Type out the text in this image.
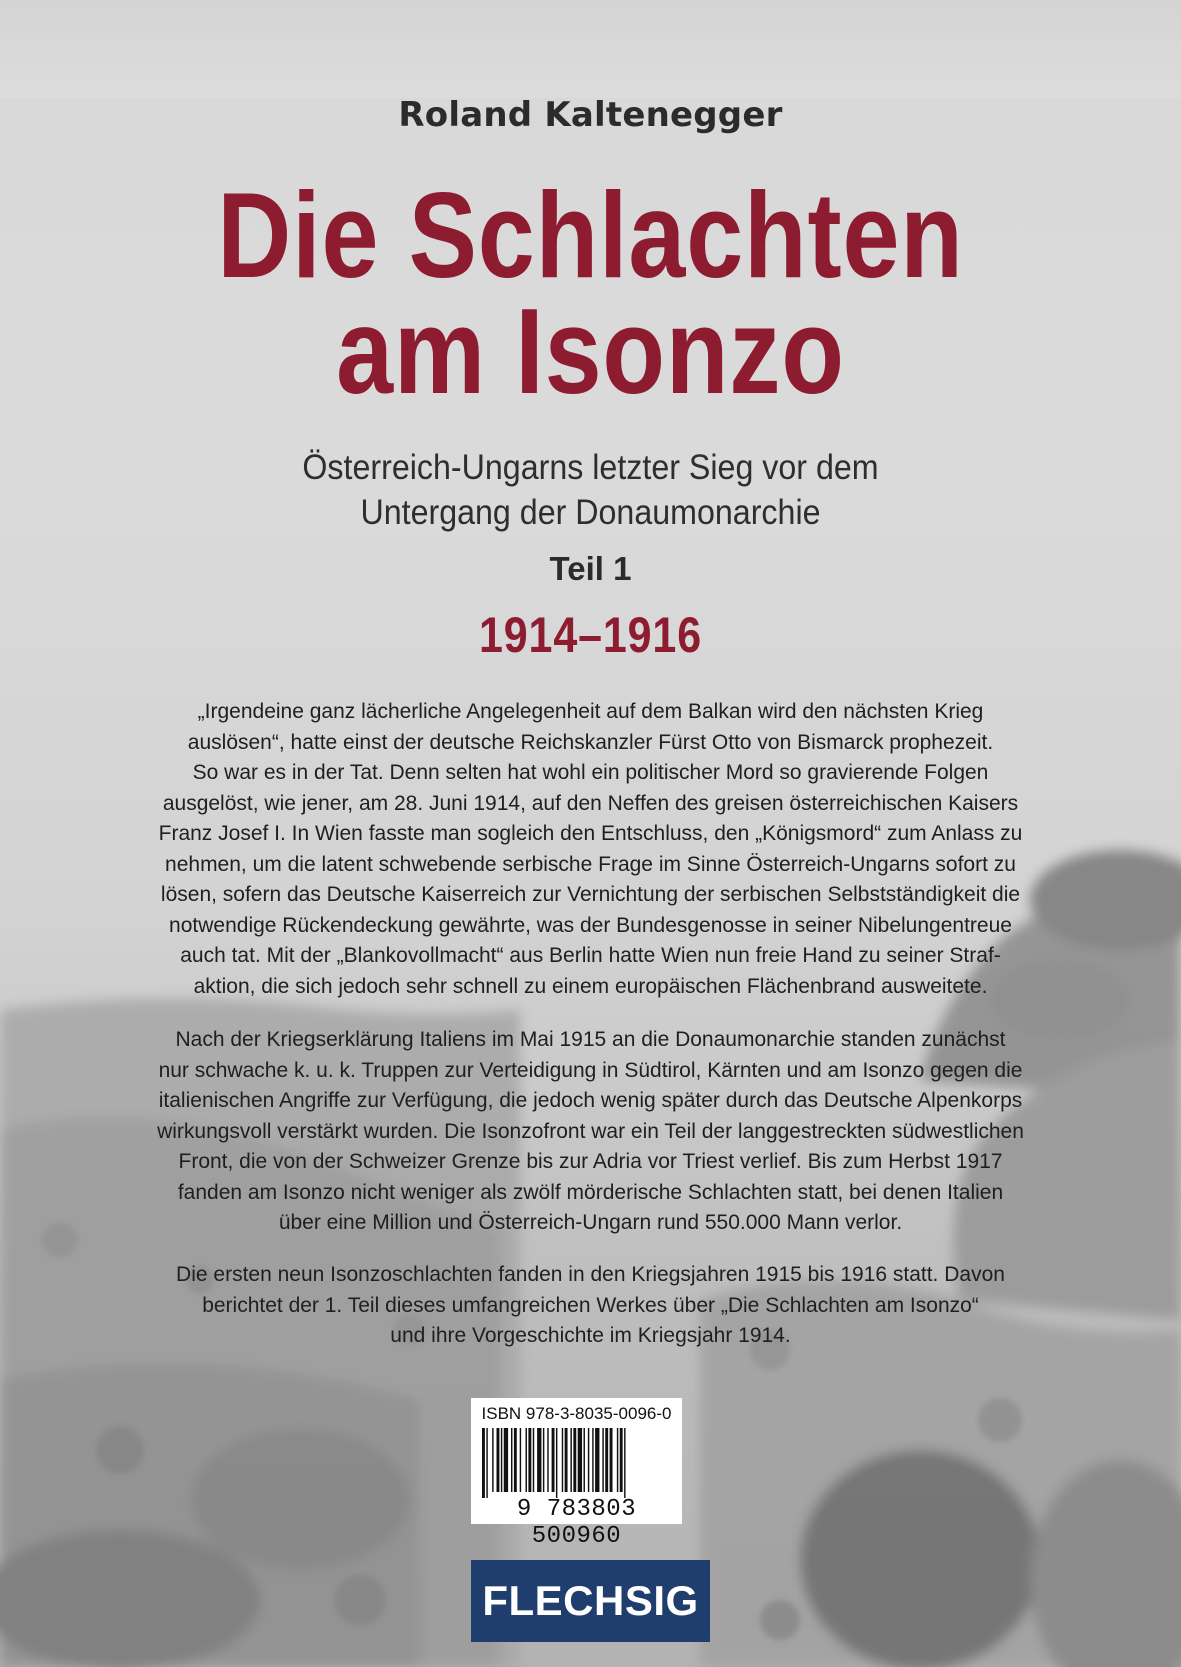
Roland Kaltenegger
Die Schlachten
am Isonzo
Österreich-Ungarns letzter Sieg vor dem
Untergang der Donaumonarchie
Teil 1
1914–1916
„Irgendeine ganz lächerliche Angelegenheit auf dem Balkan wird den nächsten Krieg
auslösen“, hatte einst der deutsche Reichskanzler Fürst Otto von Bismarck prophezeit.
So war es in der Tat. Denn selten hat wohl ein politischer Mord so gravierende Folgen
ausgelöst, wie jener, am 28. Juni 1914, auf den Neffen des greisen österreichischen Kaisers
Franz Josef I. In Wien fasste man sogleich den Entschluss, den „Königsmord“ zum Anlass zu
nehmen, um die latent schwebende serbische Frage im Sinne Österreich-Ungarns sofort zu
lösen, sofern das Deutsche Kaiserreich zur Vernichtung der serbischen Selbstständigkeit die
notwendige Rückendeckung gewährte, was der Bundesgenosse in seiner Nibelungentreue
auch tat. Mit der „Blankovollmacht“ aus Berlin hatte Wien nun freie Hand zu seiner Straf-
aktion, die sich jedoch sehr schnell zu einem europäischen Flächenbrand ausweitete.
Nach der Kriegserklärung Italiens im Mai 1915 an die Donaumonarchie standen zunächst
nur schwache k. u. k. Truppen zur Verteidigung in Südtirol, Kärnten und am Isonzo gegen die
italienischen Angriffe zur Verfügung, die jedoch wenig später durch das Deutsche Alpenkorps
wirkungsvoll verstärkt wurden. Die Isonzofront war ein Teil der langgestreckten südwestlichen
Front, die von der Schweizer Grenze bis zur Adria vor Triest verlief. Bis zum Herbst 1917
fanden am Isonzo nicht weniger als zwölf mörderische Schlachten statt, bei denen Italien
über eine Million und Österreich-Ungarn rund 550.000 Mann verlor.
Die ersten neun Isonzoschlachten fanden in den Kriegsjahren 1915 bis 1916 statt. Davon
berichtet der 1. Teil dieses umfangreichen Werkes über „Die Schlachten am Isonzo“
und ihre Vorgeschichte im Kriegsjahr 1914.
ISBN 978-3-8035-0096-0
9 783803 500960
FLECHSIG
